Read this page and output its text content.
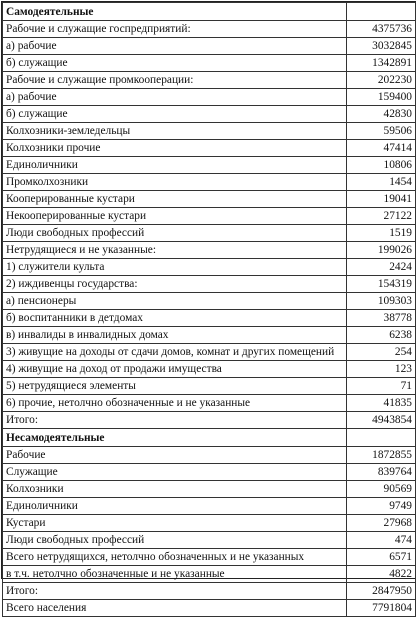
Самодеятельные	
Рабочие и служащие госпредприятий:	4375736
а) рабочие	3032845
б) служащие	1342891
Рабочие и служащие промкооперации:	202230
а) рабочие	159400
б) служащие	42830
Колхозники-земледельцы	59506
Колхозники прочие	47414
Единоличники	10806
Промколхозники	1454
Кооперированные кустари	19041
Некооперированные кустари	27122
Люди свободных профессий	1519
Нетрудящиеся и не указанные:	199026
1) служители культа	2424
2) иждивенцы государства:	154319
а) пенсионеры	109303
б) воспитанники в детдомах	38778
в) инвалиды в инвалидных домах	6238
3) живущие на доходы от сдачи домов, комнат и других помещений	254
4) живущие на доход от продажи имущества	123
5) нетрудящиеся элементы	71
6) прочие, нетолчно обозначенные и не указанные	41835
Итого:	4943854
Несамодеятельные	
Рабочие	1872855
Служащие	839764
Колхозники	90569
Единоличники	9749
Кустари	27968
Люди свободных профессий	474
Всего нетрудящихся, нетолчно обозначенных и не указанных	6571
в т.ч. нетолчно обозначенные и не указанные	4822
Итого:	2847950
Всего населения	7791804
